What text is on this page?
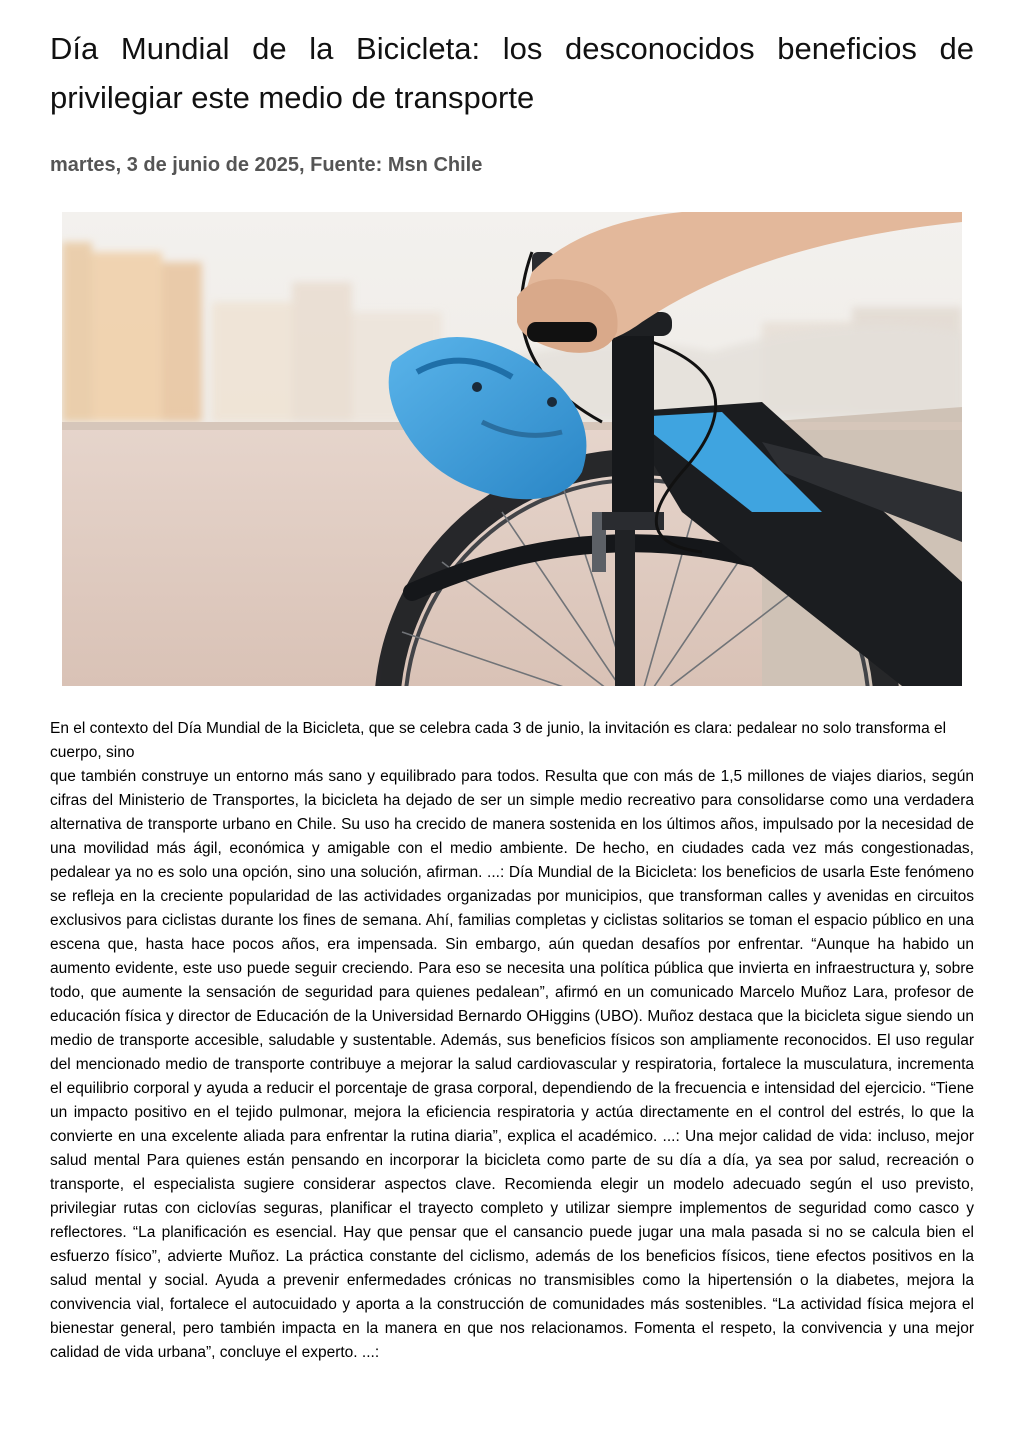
Día Mundial de la Bicicleta: los desconocidos beneficios de privilegiar este medio de transporte

martes, 3 de junio de 2025, Fuente: Msn Chile

En el contexto del Día Mundial de la Bicicleta, que se celebra cada 3 de junio, la invitación es clara: pedalear no solo transforma el cuerpo, sino

que también construye un entorno más sano y equilibrado para todos. Resulta que con más de 1,5 millones de viajes diarios, según cifras del Ministerio de Transportes, la bicicleta ha dejado de ser un simple medio recreativo para consolidarse como una verdadera alternativa de transporte urbano en Chile. Su uso ha crecido de manera sostenida en los últimos años, impulsado por la necesidad de una movilidad más ágil, económica y amigable con el medio ambiente. De hecho, en ciudades cada vez más congestionadas, pedalear ya no es solo una opción, sino una solución, afirman. ...: Día Mundial de la Bicicleta: los beneficios de usarla Este fenómeno se refleja en la creciente popularidad de las actividades organizadas por municipios, que transforman calles y avenidas en circuitos exclusivos para ciclistas durante los fines de semana. Ahí, familias completas y ciclistas solitarios se toman el espacio público en una escena que, hasta hace pocos años, era impensada. Sin embargo, aún quedan desafíos por enfrentar. “Aunque ha habido un aumento evidente, este uso puede seguir creciendo. Para eso se necesita una política pública que invierta en infraestructura y, sobre todo, que aumente la sensación de seguridad para quienes pedalean”, afirmó en un comunicado Marcelo Muñoz Lara, profesor de educación física y director de Educación de la Universidad Bernardo OHiggins (UBO). Muñoz destaca que la bicicleta sigue siendo un medio de transporte accesible, saludable y sustentable. Además, sus beneficios físicos son ampliamente reconocidos. El uso regular del mencionado medio de transporte contribuye a mejorar la salud cardiovascular y respiratoria, fortalece la musculatura, incrementa el equilibrio corporal y ayuda a reducir el porcentaje de grasa corporal, dependiendo de la frecuencia e intensidad del ejercicio. “Tiene un impacto positivo en el tejido pulmonar, mejora la eficiencia respiratoria y actúa directamente en el control del estrés, lo que la convierte en una excelente aliada para enfrentar la rutina diaria”, explica el académico. ...: Una mejor calidad de vida: incluso, mejor salud mental Para quienes están pensando en incorporar la bicicleta como parte de su día a día, ya sea por salud, recreación o transporte, el especialista sugiere considerar aspectos clave. Recomienda elegir un modelo adecuado según el uso previsto, privilegiar rutas con ciclovías seguras, planificar el trayecto completo y utilizar siempre implementos de seguridad como casco y reflectores. “La planificación es esencial. Hay que pensar que el cansancio puede jugar una mala pasada si no se calcula bien el esfuerzo físico”, advierte Muñoz. La práctica constante del ciclismo, además de los beneficios físicos, tiene efectos positivos en la salud mental y social. Ayuda a prevenir enfermedades crónicas no transmisibles como la hipertensión o la diabetes, mejora la convivencia vial, fortalece el autocuidado y aporta a la construcción de comunidades más sostenibles. “La actividad física mejora el bienestar general, pero también impacta en la manera en que nos relacionamos. Fomenta el respeto, la convivencia y una mejor calidad de vida urbana”, concluye el experto. ...:
